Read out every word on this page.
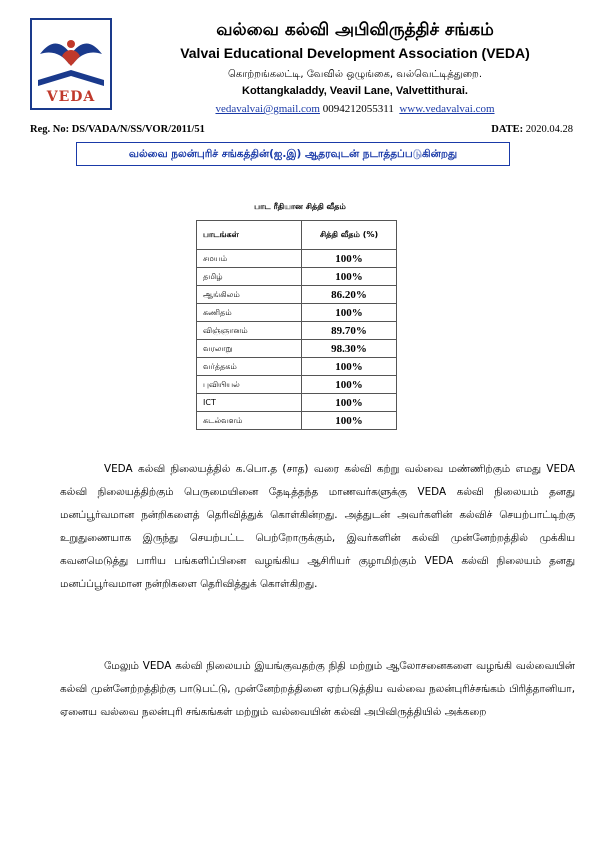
VEDA
வல்வை கல்வி அபிவிருத்திச் சங்கம்
Valvai Educational Development Association (VEDA)
கொற்றங்கலட்டி, வேவில் ஒழுங்கை, வல்வெட்டித்துறை.
Kottangkaladdy, Veavil Lane, Valvettithurai.
vedavalvai@gmail.com 0094212055311 www.vedavalvai.com
Reg. No: DS/VADA/N/SS/VOR/2011/51	DATE: 2020.04.28
வல்வை நலன்புரிச் சங்கத்தின்(ஐ.இ) ஆதரவுடன் நடாத்தப்படுகின்றது
பாட ரீதியான சித்தி வீதம்
பாடங்கள்	சித்தி வீதம் (%)
சமயம்	100%
தமிழ்	100%
ஆங்கிலம்	86.20%
கணிதம்	100%
விஞ்ஞானம்	89.70%
வரலாறு	98.30%
வர்த்தகம்	100%
புவியியல்	100%
ICT	100%
கடல்வளம்	100%
VEDA கல்வி நிலையத்தில் க.பொ.த (சாத) வரை கல்வி கற்று வல்வை மண்ணிற்கும் எமது VEDA கல்வி நிலையத்திற்கும் பெருமையினை தேடித்தந்த மாணவர்களுக்கு VEDA கல்வி நிலையம் தனது மனப்பூர்வமான நன்றிகளைத் தெரிவித்துக் கொள்கின்றது. அத்துடன் அவர்களின் கல்விச் செயற்பாட்டிற்கு உறுதுணையாக இருந்து செயற்பட்ட பெற்றோருக்கும், இவர்களின் கல்வி முன்னேற்றத்தில் முக்கிய கவனமெடுத்து பாரிய பங்களிப்பினை வழங்கிய ஆசிரியர் குழாமிற்கும் VEDA கல்வி நிலையம் தனது மனப்ப்பூர்வமான நன்றிகளை தெரிவித்துக் கொள்கிறது.
மேலும் VEDA கல்வி நிலையம் இயங்குவதற்கு நிதி மற்றும் ஆலோசனைகளை வழங்கி வல்வையின் கல்வி முன்னேற்றத்திற்கு பாடுபட்டு, முன்னேற்றத்தினை ஏற்படுத்திய வல்வை நலன்புரிச்சங்கம் பிரித்தானியா, ஏனைய வல்வை நலன்புரி சங்கங்கள் மற்றும் வல்வையின் கல்வி அபிவிருத்தியில் அக்கறை
